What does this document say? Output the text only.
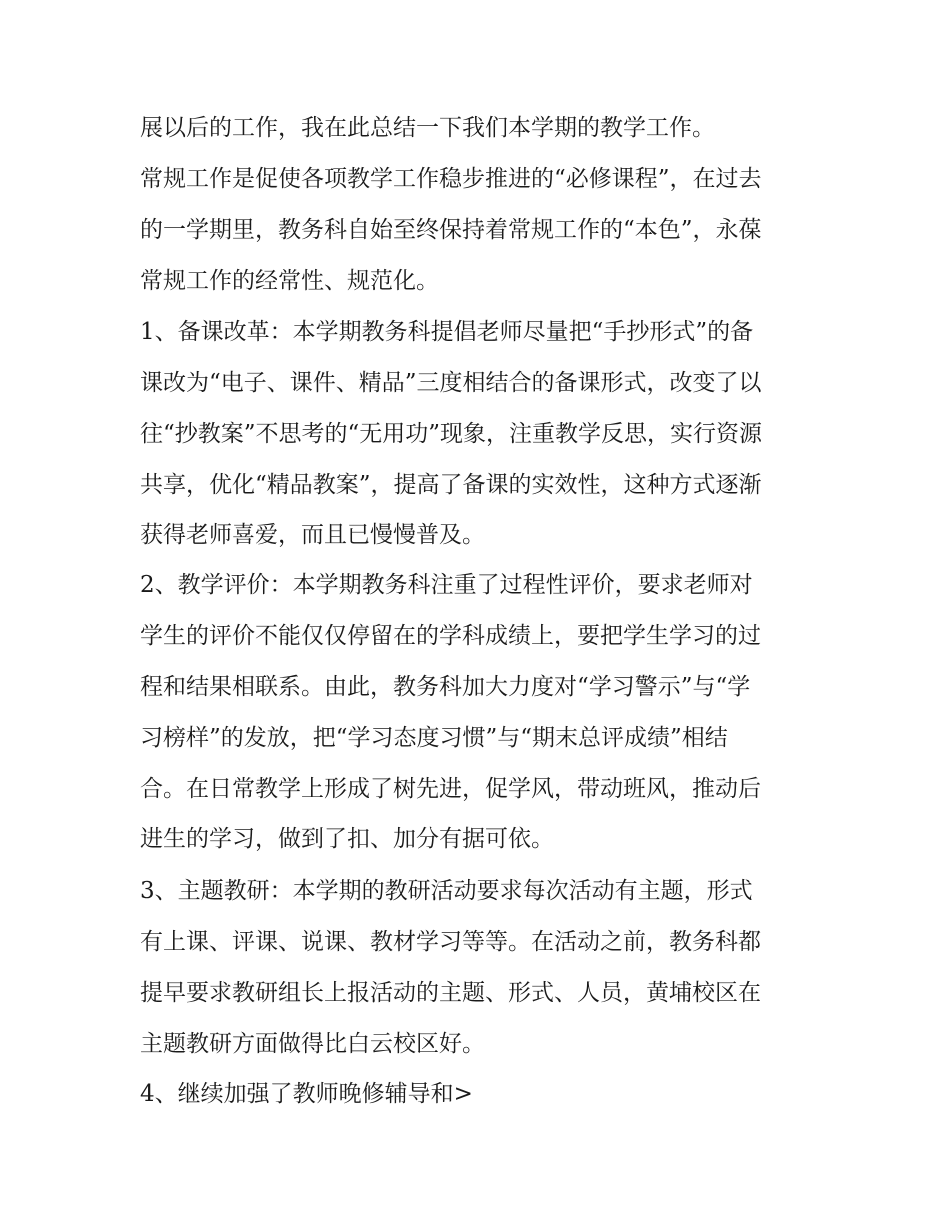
展以后的工作，我在此总结一下我们本学期的教学工作。
常规工作是促使各项教学工作稳步推进的“必修课程”，在过去
的一学期里，教务科自始至终保持着常规工作的“本色”，永葆
常规工作的经常性、规范化。
1、备课改革：本学期教务科提倡老师尽量把“手抄形式”的备
课改为“电子、课件、精品”三度相结合的备课形式，改变了以
往“抄教案”不思考的“无用功”现象，注重教学反思，实行资源
共享，优化“精品教案”，提高了备课的实效性，这种方式逐渐
获得老师喜爱，而且已慢慢普及。
2、教学评价：本学期教务科注重了过程性评价，要求老师对
学生的评价不能仅仅停留在的学科成绩上，要把学生学习的过
程和结果相联系。由此，教务科加大力度对“学习警示”与“学
习榜样”的发放，把“学习态度习惯”与“期末总评成绩”相结
合。在日常教学上形成了树先进，促学风，带动班风，推动后
进生的学习，做到了扣、加分有据可依。
3、主题教研：本学期的教研活动要求每次活动有主题，形式
有上课、评课、说课、教材学习等等。在活动之前，教务科都
提早要求教研组长上报活动的主题、形式、人员，黄埔校区在
主题教研方面做得比白云校区好。
4、继续加强了教师晚修辅导和>
